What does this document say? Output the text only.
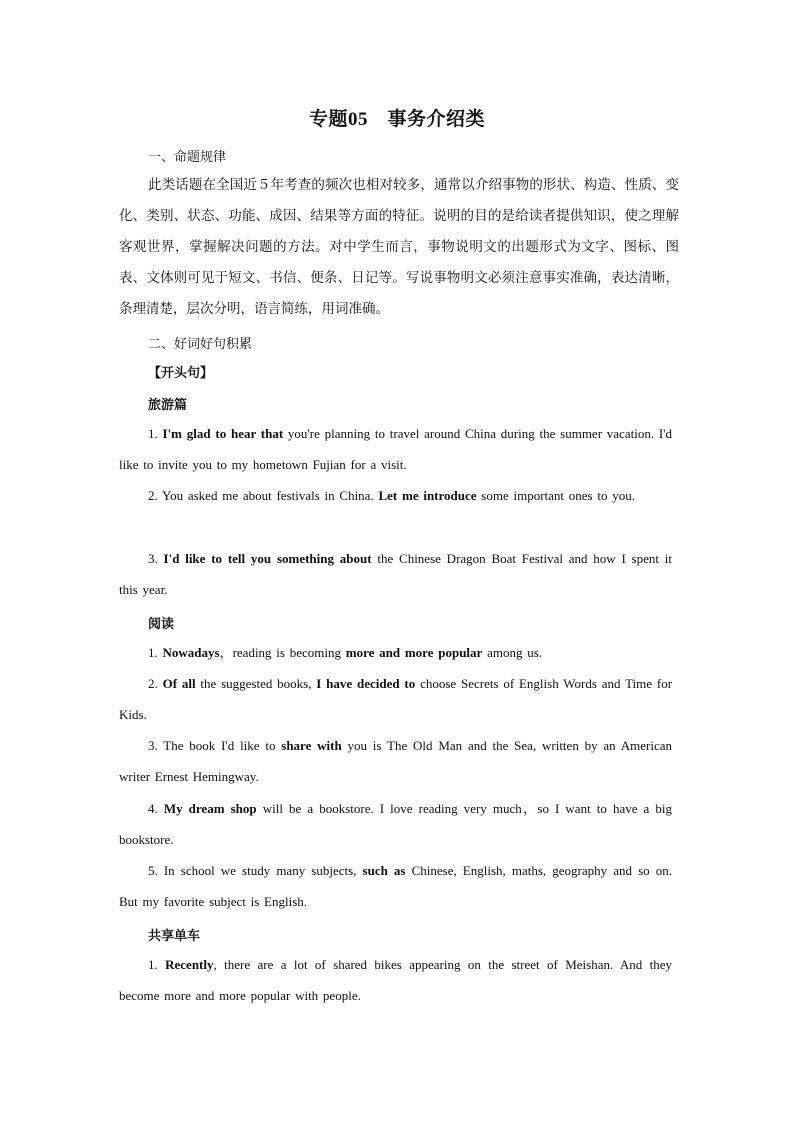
专题05　事务介绍类
一、命题规律
此类话题在全国近５年考查的频次也相对较多，通常以介绍事物的形状、构造、性质、变化、类别、状态、功能、成因、结果等方面的特征。说明的目的是给读者提供知识，使之理解客观世界，掌握解决问题的方法。对中学生而言，事物说明文的出题形式为文字、图标、图表、文体则可见于短文、书信、便条、日记等。写说事物明文必须注意事实准确，表达清晰，条理清楚，层次分明，语言简练，用词准确。
二、好词好句积累
【开头句】
旅游篇
1. I'm glad to hear that you're planning to travel around China during the summer vacation. I'd like to invite you to my hometown Fujian for a visit.
2. You asked me about festivals in China. Let me introduce some important ones to you.
3. I'd like to tell you something about the Chinese Dragon Boat Festival and how I spent it this year.
阅读
1. Nowadays，reading is becoming more and more popular among us.
2. Of all the suggested books, I have decided to choose Secrets of English Words and Time for Kids.
3. The book I'd like to share with you is The Old Man and the Sea, written by an American writer Ernest Hemingway.
4. My dream shop will be a bookstore. I love reading very much，so I want to have a big bookstore.
5. In school we study many subjects, such as Chinese, English, maths, geography and so on. But my favorite subject is English.
共享单车
1. Recently, there are a lot of shared bikes appearing on the street of Meishan. And they become more and more popular with people.
